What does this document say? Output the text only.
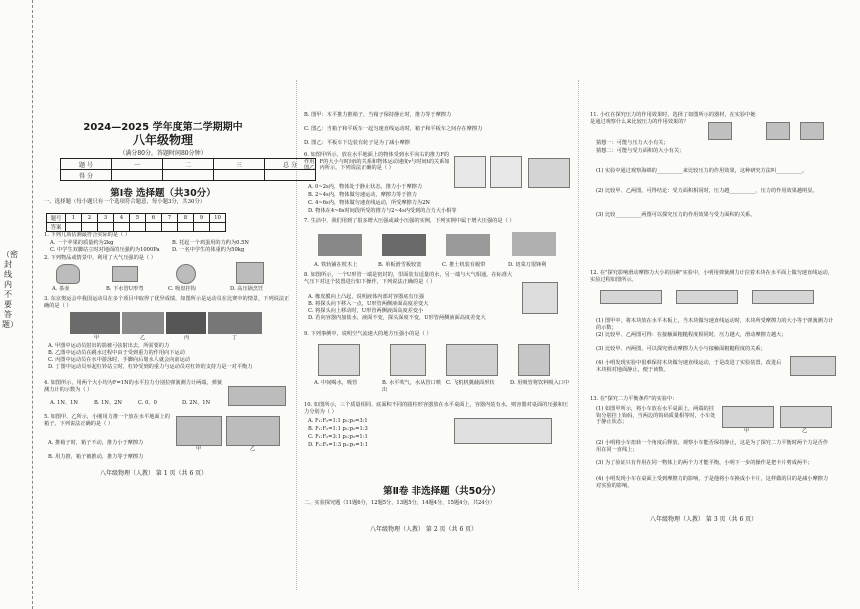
（密封线内不要答题）
2024—2025 学年度第二学期期中
八年级物理
（满分80分，答题时间80分钟）
题 号	一	二	三	总 分
得 分				
第Ⅰ卷 选择题（共30分）
一、选择题（每小题只有一个选项符合题意，每小题3分，共30分）
题号	1	2	3	4	5	6	7	8	9	10
答案										
1. 下列几项估测最符合实际的是（ ）
A. 一个苹果的质量约为2kg	B. 托起一个鸡蛋用的力约为0.5N
C. 中学生双脚站立时对地面的压强约为1000Pa	D. 一名中学生的体重约为50kg
2. 下列物品或情景中，利用了大气压强的是（ ）
A. 茶壶	B. 下水管U形弯	C. 吸盘挂钩	D. 高压锅烹饪
3. 东京奥运会中我国运动员在多个项目中取得了优异成绩，如图所示是运动员在比赛中的情景，下列说法正确的是（ ）
甲	乙	丙	丁
A. 甲图中运动员射出的箭被弓弦射出去，所需要的力
B. 乙图中运动员在跳水过程中由于受到重力的作用向下运动
C. 丙图中运动员在水中游泳时，手脚向后划水人就会向前运动
D. 丁图中运动员举起杠铃站立时，杠铃受到的重力与运动员对杠铃的支持力是一对平衡力
4. 如图所示，用两个大小均为F=1N的水平拉力分别拉弹簧测力计两端，弹簧测力计的示数为（ ）
A. 1N、1N	B. 1N、2N	C. 0、0	D. 2N、1N
5. 如图甲、乙所示，小刚用力推一个放在水平地面上的箱子，下列说法正确的是（ ）
甲	乙
A. 推箱子时，箱子不动，推力小于摩擦力
B. 用力推，箱子被推动，推力等于摩擦力
八年级物理（人教） 第 1 页（共 6 页）
B. 图甲：木平推力推箱子，当箱子保持静止时，推力等于摩擦力
C. 图乙：当箱子和平板车一起匀速直线运动时，箱子和平板车之间存在摩擦力
D. 图乙：平板车下边装有轮子是为了减小摩擦
6. 如图甲所示，放在水平地面上的物体受到水平向右的推力F的作用，F的大小与时间t的关系和物体运动速度v与时间t的关系如图乙、丙所示，下列说法正确的是（ ）
A. 0~2s内，物体处于静止状态，推力小于摩擦力
B. 2~4s内，物体做匀速运动，摩擦力等于推力
C. 4~6s内，物体做匀速直线运动，所受摩擦力为2N
D. 物体在4~6s时间段所受的推力与2~4s内受到的合力大小相等
7. 生活中，我们用到了很多增大压强或减小压强的实例，下列实例中属于增大压强的是（ ）
A. 铁轨铺在枕木上	B. 单板滑雪板较宽	C. 推土机装有履带	D. 切菜刀很锋利
8. 如图所示，一个U形管一端是密封的，里面装有适量的水，另一端与大气相通，在标准大气压下对这个装置进行如下操作，下列说法正确的是（ ）
A. 橡皮膜向上凸起，说明液体内部对容器底有压强
B. 将探头向下移入一点，U形管两侧液面高度差变大
C. 将探头向上移动时，U形管两侧液面高度差变小
D. 若向容器内加盐水，液面不变，探头深度不变，U形管两侧液面高度差变大
9. 下列事例中，说明空气流速大的地方压强小的是（ ）
A. 中间喝水，吸管	B. 水平吹气，水从管口喷出
C. 飞机机翼截面形状	D. 用吸管将饮料吸入口中
10. 如图所示，三个质量相同、底面积不同的圆柱形容器放在水平桌面上，容器内装有水，则容器对桌面的压强和压力分别为（ ）
A. F₁:F₂=1:1 p₁:p₂=3:1
B. F₁:F₂=1:1 p₁:p₂=1:3
C. F₁:F₂=3:1 p₁:p₂=1:1
D. F₁:F₂=1:3 p₁:p₂=1:1
第Ⅱ卷 非选择题（共50分）
二、实验探究题（11题6分，12题5分，13题5分，14题4分，15题4分，共24分）
八年级物理（人教） 第 2 页（共 6 页）
11. 小红在探究压力的作用效果时，选择了如图所示的器材，在实验中她是通过观察什么来比较压力的作用效果的？
猜想一：可能与压力大小有关；
猜想二：可能与受力面积的大小有关；
(1) 实验中通过观察海绵的__________来比较压力的作用效果，这种研究方法叫__________。
(2) 比较甲、乙两图，可得结论：受力面积相同时，压力越__________，压力的作用效果越明显。
(3) 比较__________两图可以探究压力的作用效果与受力面积的关系。
12. 在"探究影响滑动摩擦力大小的因素"实验中，小明用弹簧测力计拉着木块在水平面上做匀速直线运动，实验过程如图所示。
(1) 图甲中，将木块放在水平木板上，当木块做匀速直线运动时，木块所受摩擦力的大小等于弹簧测力计的示数；
(2) 比较甲、乙两图可得：在接触面粗糙程度相同时，压力越大，滑动摩擦力越大；
(3) 比较甲、丙两图，可以探究滑动摩擦力大小与接触面粗糙程度的关系；
(4) 小明发现实验中很难保持木块做匀速直线运动，于是改进了实验装置，改进后木块相对地面静止，便于读数。
13. 在"探究二力平衡条件"的实验中：
(1) 如图甲所示，将小车放在水平桌面上，两端的挂钩分别挂上钩码，当两边的钩码质量相等时，小车处于静止状态；
甲	乙
(2) 小明将小车扭转一个角度后释放，观察小车能否保持静止，这是为了探究二力平衡时两个力是否作用在同一直线上；
(3) 为了验证只有作用在同一物体上的两个力才能平衡，小明下一步的操作是把卡片剪成两半；
(4) 小明发现小车在桌面上受到摩擦力的影响，于是他将小车换成小卡片，这样做的目的是减小摩擦力对实验的影响。
八年级物理（人教） 第 3 页（共 6 页）
